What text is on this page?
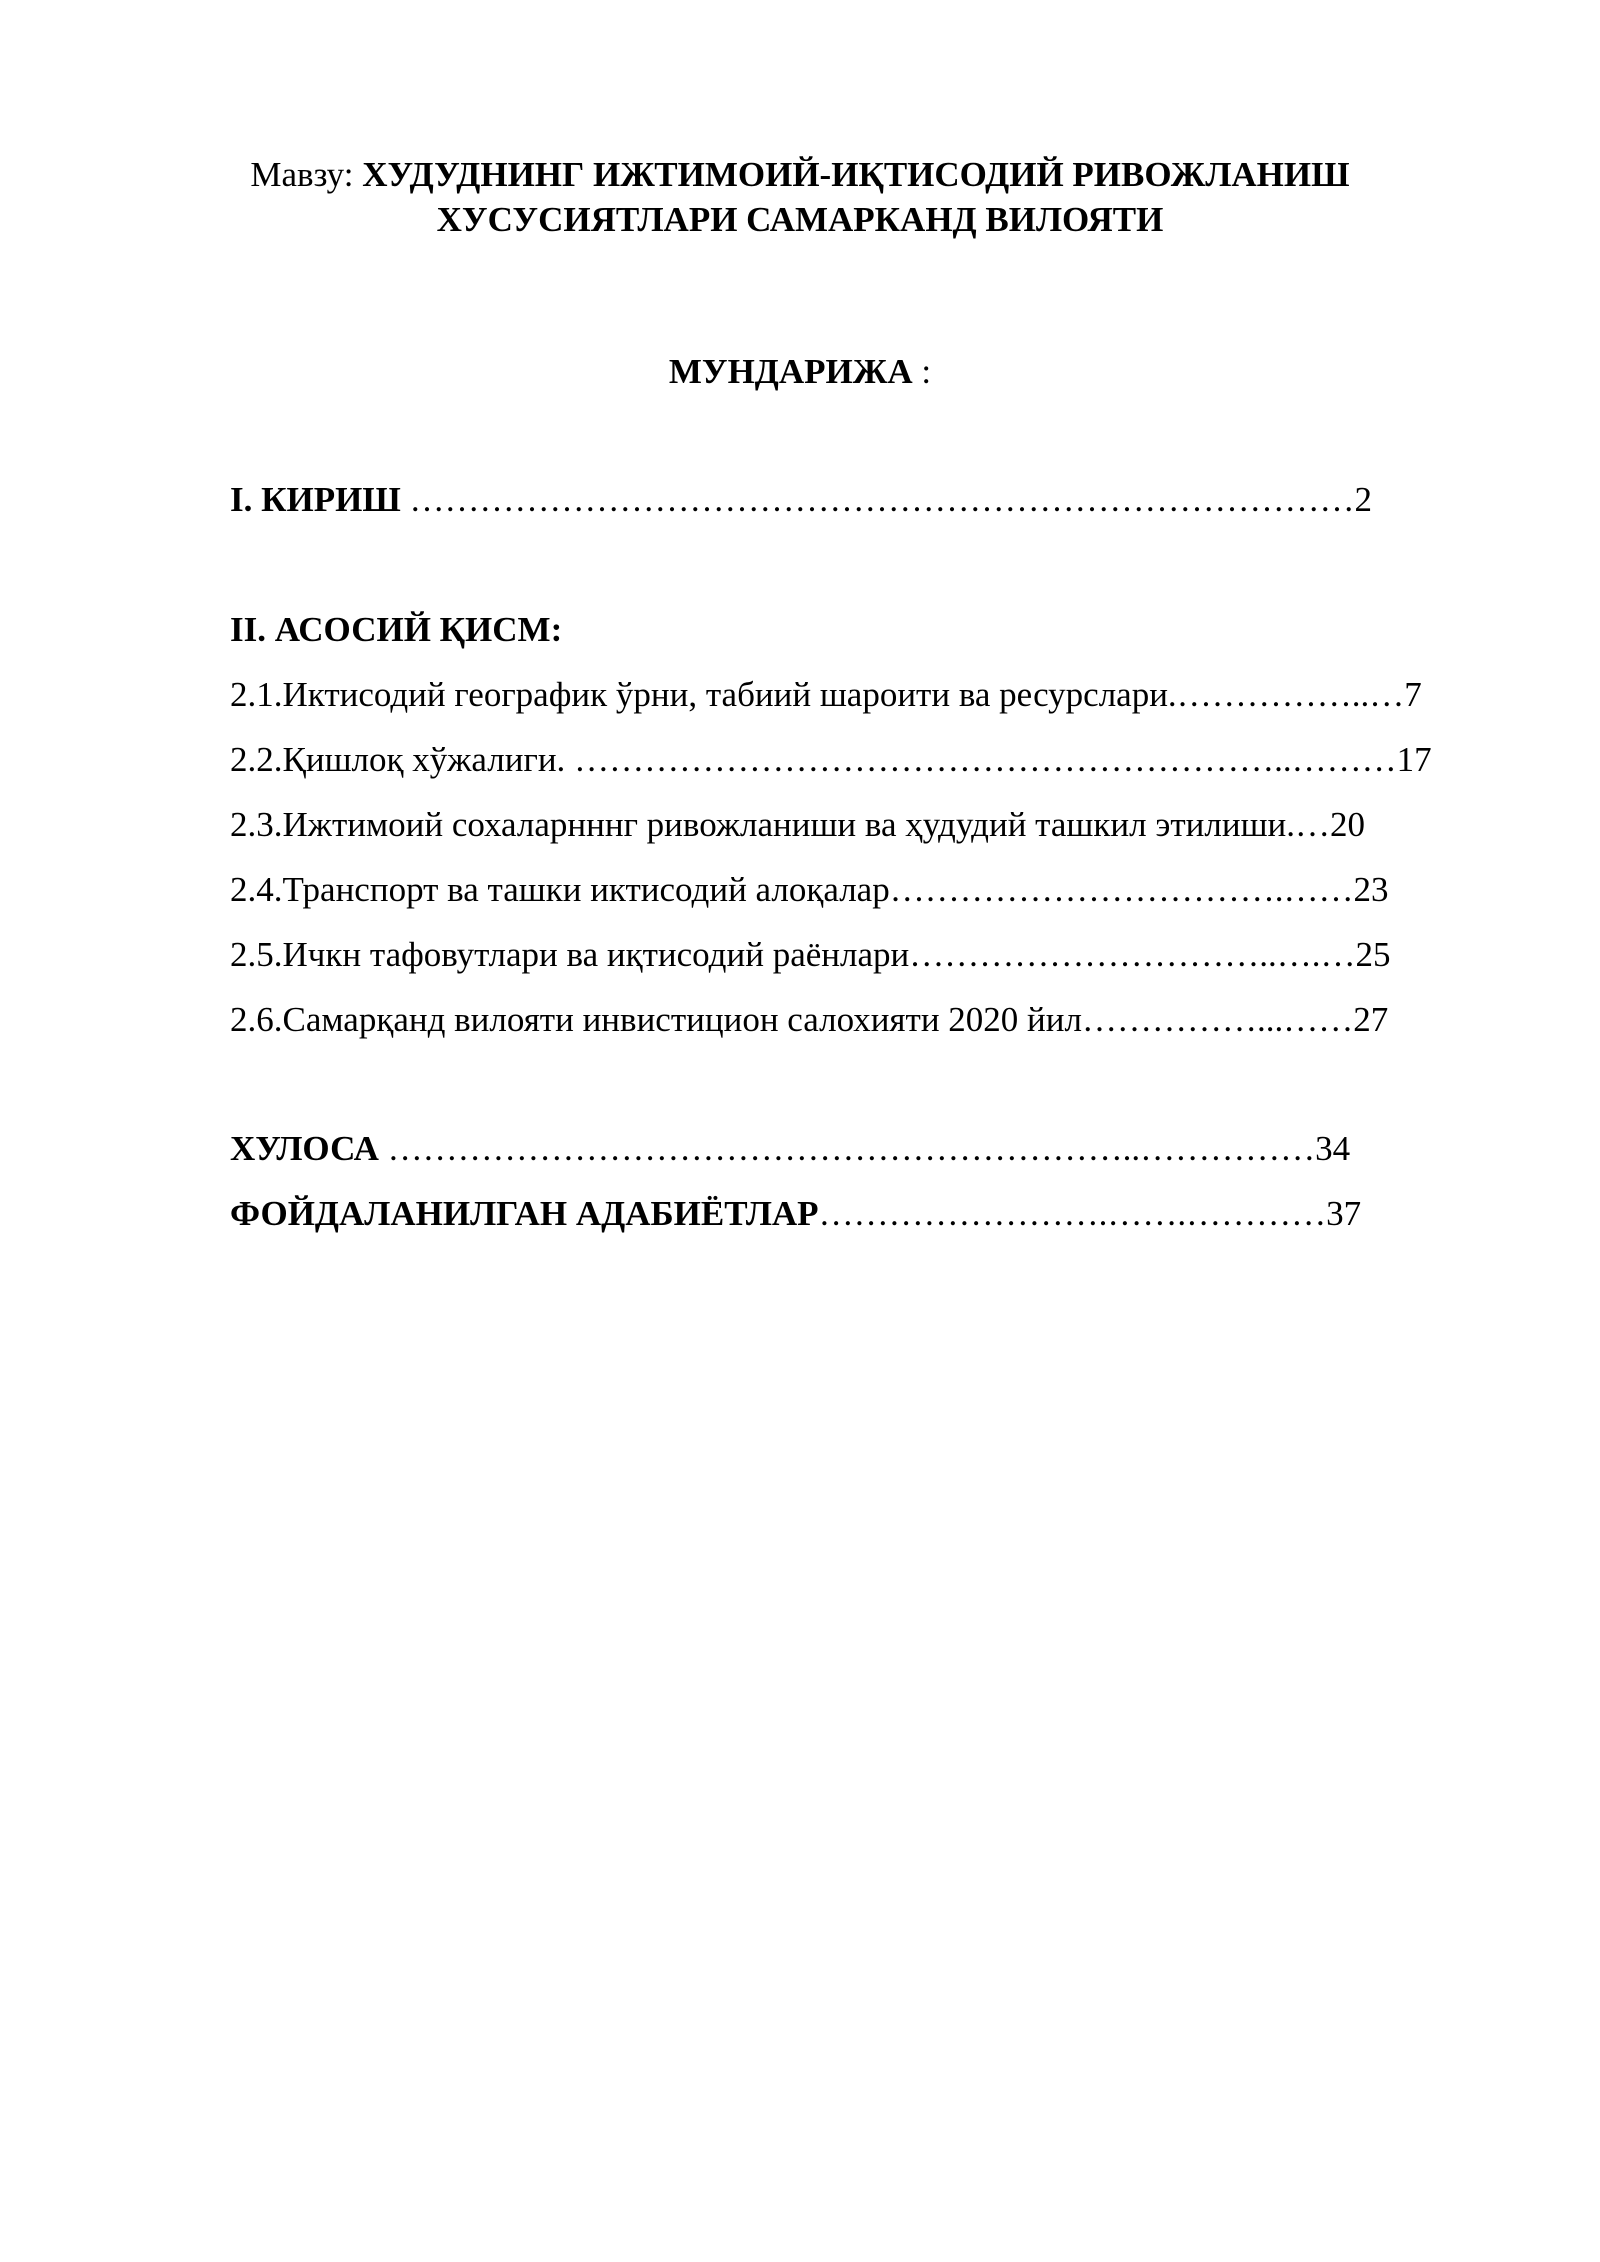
Мавзу: ХУДУДНИНГ ИЖТИМОИЙ-ИҚТИСОДИЙ РИВОЖЛАНИШ
ХУСУСИЯТЛАРИ САМАРКАНД ВИЛОЯТИ
МУНДАРИЖА :
I. КИРИШ ………………………………………………………………………2
II. АСОСИЙ ҚИСМ:
2.1.Иктисодий географик ўрни, табиий шароити ва ресурслари.……………..…7
2.2.Қишлоқ хўжалиги. ……………………………………………………..………17
2.3.Ижтимоий сохаларнннг ривожланиши ва ҳудудий ташкил этилиши.…20
2.4.Транспорт ва ташки иктисодий алоқалар…………………………….……23
2.5.Ичкн тафовутлари ва иқтисодий раёнлари…………………………..….…25
2.6.Самарқанд вилояти инвистицион салохияти 2020 йил……………...……27
ХУЛОСА ………………………………………………………..……………34
ФОЙДАЛАНИЛГАН АДАБИЁТЛАР…………………….…….…………37
